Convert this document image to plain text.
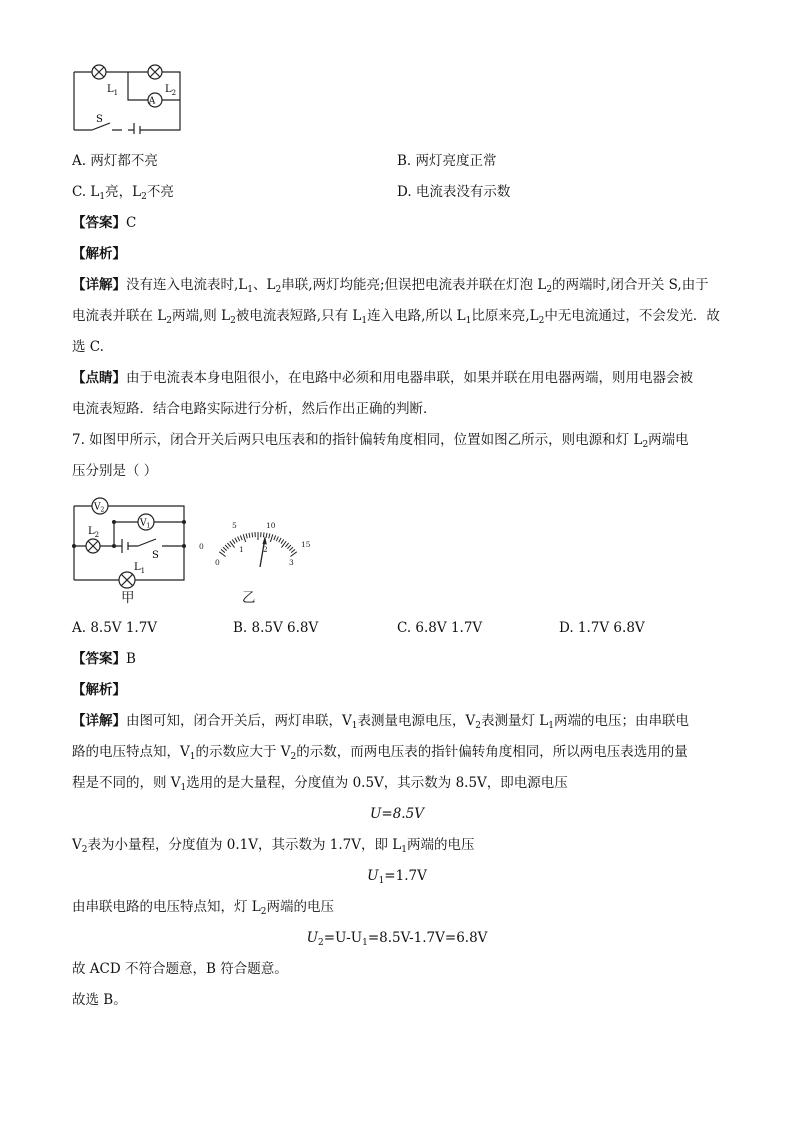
A
$L_1$	$L_2$
S
A. 两灯都不亮	B. 两灯亮度正常
C. $L_1$亮，$L_2$不亮	D. 电流表没有示数
【答案】C
【解析】
【详解】没有连入电流表时$,L_1$、$L_2$串联,两灯均能亮;但误把电流表并联在灯泡 $L_2$的两端时,闭合开关 S,由于
电流表并联在 $L_2$两端,则 $L_2$被电流表短路,只有 $L_1$连入电路,所以 $L_1$比原来亮$,L_2$中无电流通过，不会发光．故
选 C.
【点睛】由于电流表本身电阻很小，在电路中必须和用电器串联，如果并联在用电器两端，则用电器会被
电流表短路．结合电路实际进行分析，然后作出正确的判断．
7. 如图甲所示，闭合开关后两只电压表和的指针偏转角度相同，位置如图乙所示，则电源和灯 $L_2$两端电
压分别是（ ）
$V_2$
$V_1$
$L_2$
$L_1$
S
0
5	10
15
0
1	2
3
甲	乙
A. 8.5V 1.7V	B. 8.5V 6.8V	C. 6.8V 1.7V	D. 1.7V 6.8V
【答案】B
【解析】
【详解】由图可知，闭合开关后，两灯串联，$V_1$表测量电源电压，$V_2$表测量灯 $L_1$两端的电压；由串联电
路的电压特点知，$V_1$的示数应大于 $V_2$的示数，而两电压表的指针偏转角度相同，所以两电压表选用的量
程是不同的，则 $V_1$选用的是大量程，分度值为 0.5V，其示数为 8.5V，即电源电压
U=8.5V
$V_2$表为小量程，分度值为 0.1V，其示数为 1.7V，即 $L_1$两端的电压
$U_1=1.7V$
由串联电路的电压特点知，灯 $L_2$两端的电压
$U_2=U-U_1=8.5V-1.7V=6.8V$
故 ACD 不符合题意，B 符合题意。
故选 B。
